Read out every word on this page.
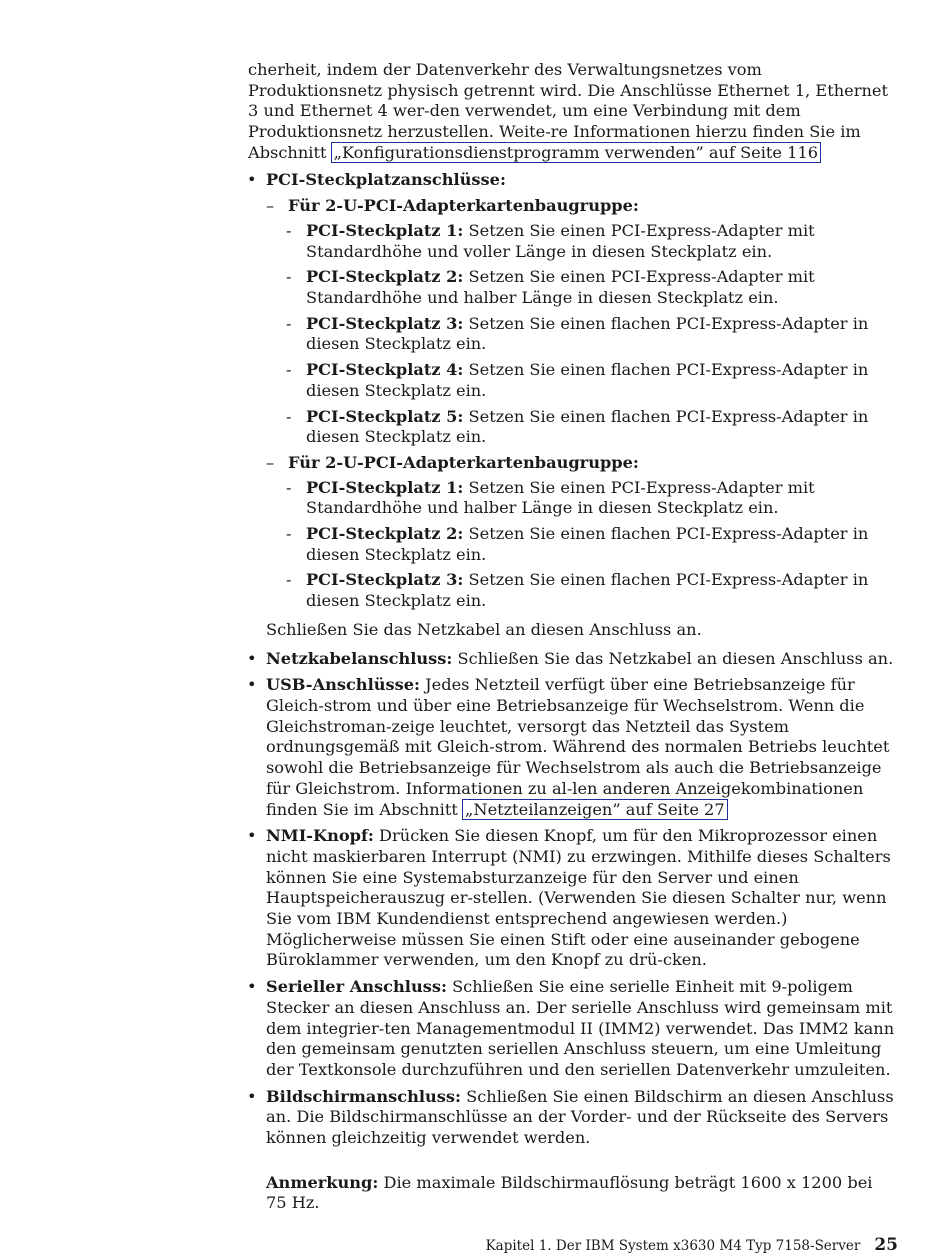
cherheit, indem der Datenverkehr des Verwaltungsnetzes vom Produktionsnetz physisch getrennt wird. Die Anschlüsse Ethernet 1, Ethernet 3 und Ethernet 4 wer-den verwendet, um eine Verbindung mit dem Produktionsnetz herzustellen. Weite-re Informationen hierzu finden Sie im Abschnitt „Konfigurationsdienstprogramm verwenden” auf Seite 116

• PCI-Steckplatzanschlüsse:
– Für 2-U-PCI-Adapterkartenbaugruppe:
- PCI-Steckplatz 1: Setzen Sie einen PCI-Express-Adapter mit Standardhöhe und voller Länge in diesen Steckplatz ein.
- PCI-Steckplatz 2: Setzen Sie einen PCI-Express-Adapter mit Standardhöhe und halber Länge in diesen Steckplatz ein.
- PCI-Steckplatz 3: Setzen Sie einen flachen PCI-Express-Adapter in diesen Steckplatz ein.
- PCI-Steckplatz 4: Setzen Sie einen flachen PCI-Express-Adapter in diesen Steckplatz ein.
- PCI-Steckplatz 5: Setzen Sie einen flachen PCI-Express-Adapter in diesen Steckplatz ein.
– Für 2-U-PCI-Adapterkartenbaugruppe:
- PCI-Steckplatz 1: Setzen Sie einen PCI-Express-Adapter mit Standardhöhe und halber Länge in diesen Steckplatz ein.
- PCI-Steckplatz 2: Setzen Sie einen flachen PCI-Express-Adapter in diesen Steckplatz ein.
- PCI-Steckplatz 3: Setzen Sie einen flachen PCI-Express-Adapter in diesen Steckplatz ein.

Schließen Sie das Netzkabel an diesen Anschluss an.

• Netzkabelanschluss: Schließen Sie das Netzkabel an diesen Anschluss an.
• USB-Anschlüsse: Jedes Netzteil verfügt über eine Betriebsanzeige für Gleich-strom und über eine Betriebsanzeige für Wechselstrom. Wenn die Gleichstroman-zeige leuchtet, versorgt das Netzteil das System ordnungsgemäß mit Gleich-strom. Während des normalen Betriebs leuchtet sowohl die Betriebsanzeige für Wechselstrom als auch die Betriebsanzeige für Gleichstrom. Informationen zu al-len anderen Anzeigekombinationen finden Sie im Abschnitt „Netzteilanzeigen” auf Seite 27
• NMI-Knopf: Drücken Sie diesen Knopf, um für den Mikroprozessor einen nicht maskierbaren Interrupt (NMI) zu erzwingen. Mithilfe dieses Schalters können Sie eine Systemabsturzanzeige für den Server und einen Hauptspeicherauszug er-stellen. (Verwenden Sie diesen Schalter nur, wenn Sie vom IBM Kundendienst entsprechend angewiesen werden.) Möglicherweise müssen Sie einen Stift oder eine auseinander gebogene Büroklammer verwenden, um den Knopf zu drü-cken.
• Serieller Anschluss: Schließen Sie eine serielle Einheit mit 9-poligem Stecker an diesen Anschluss an. Der serielle Anschluss wird gemeinsam mit dem integrier-ten Managementmodul II (IMM2) verwendet. Das IMM2 kann den gemeinsam genutzten seriellen Anschluss steuern, um eine Umleitung der Textkonsole durchzuführen und den seriellen Datenverkehr umzuleiten.
• Bildschirmanschluss: Schließen Sie einen Bildschirm an diesen Anschluss an. Die Bildschirmanschlüsse an der Vorder- und der Rückseite des Servers können gleichzeitig verwendet werden.

Anmerkung: Die maximale Bildschirmauflösung beträgt 1600 x 1200 bei 75 Hz.

Kapitel 1. Der IBM System x3630 M4 Typ 7158-Server 25
